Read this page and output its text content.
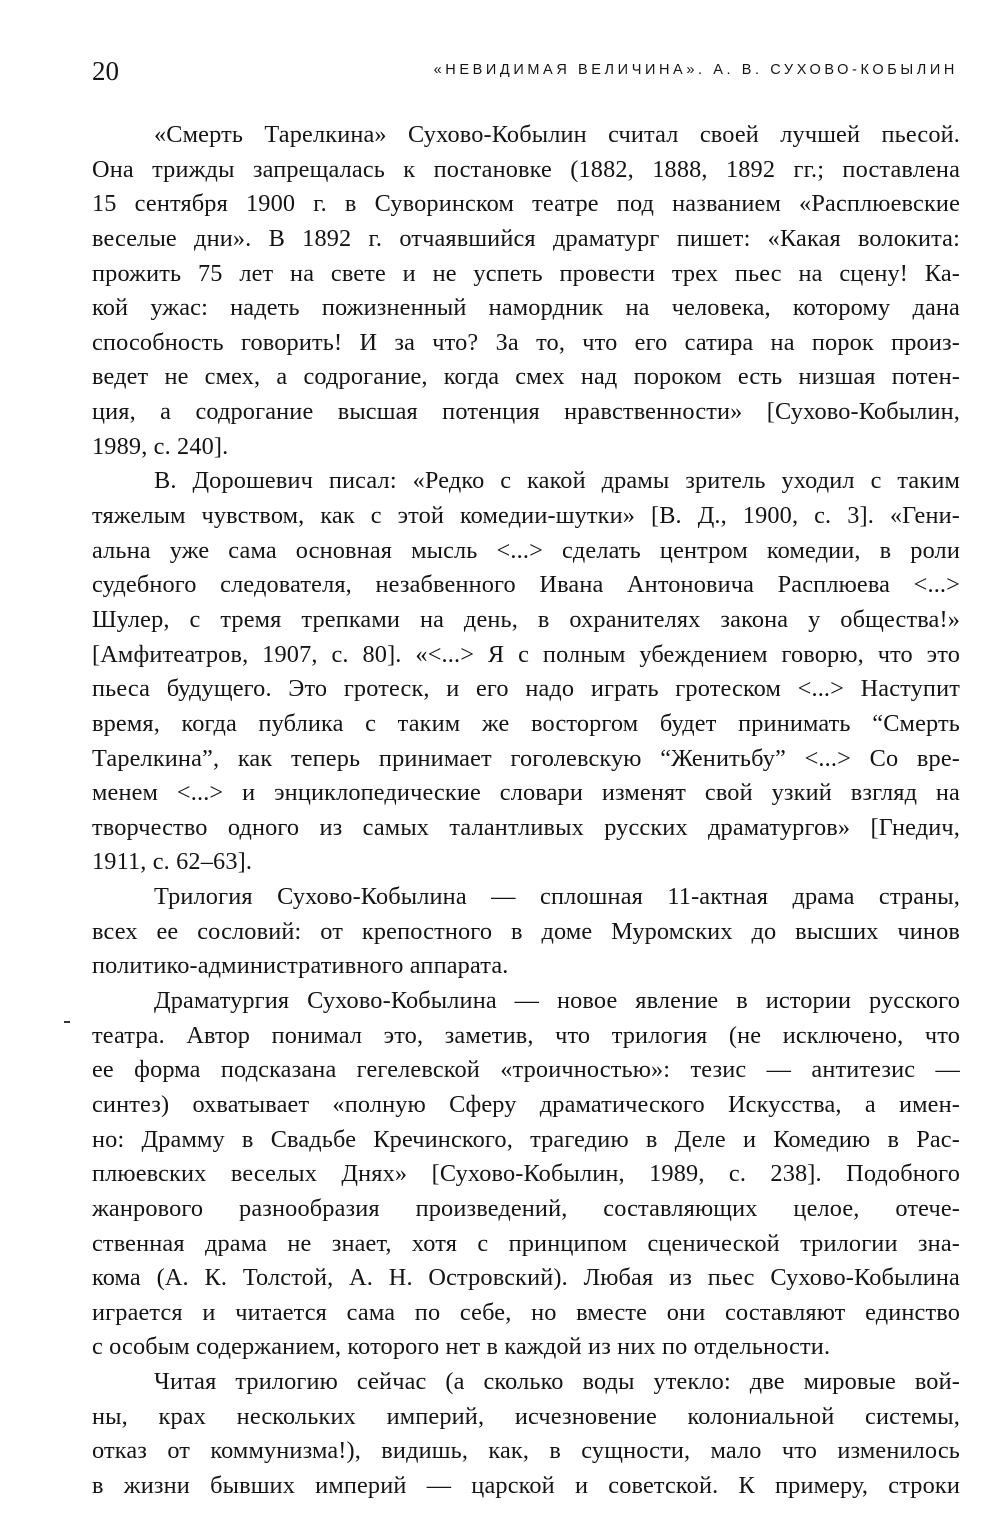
20	«НЕВИДИМАЯ ВЕЛИЧИНА». А. В. СУХОВО-КОБЫЛИН
«Смерть Тарелкина» Сухово-Кобылин считал своей лучшей пьесой.
Она трижды запрещалась к постановке (1882, 1888, 1892 гг.; поставлена
15 сентября 1900 г. в Суворинском театре под названием «Расплюевские
веселые дни». В 1892 г. отчаявшийся драматург пишет: «Какая волокита:
прожить 75 лет на свете и не успеть провести трех пьес на сцену! Ка-
кой ужас: надеть пожизненный намордник на человека, которому дана
способность говорить! И за что? За то, что его сатира на порок произ-
ведет не смех, а содрогание, когда смех над пороком есть низшая потен-
ция, а содрогание высшая потенция нравственности» [Сухово-Кобылин,
1989, с. 240].
В. Дорошевич писал: «Редко с какой драмы зритель уходил с таким
тяжелым чувством, как с этой комедии-шутки» [В. Д., 1900, с. 3]. «Гени-
альна уже сама основная мысль <...> сделать центром комедии, в роли
судебного следователя, незабвенного Ивана Антоновича Расплюева <...>
Шулер, с тремя трепками на день, в охранителях закона у общества!»
[Амфитеатров, 1907, с. 80]. «<...> Я с полным убеждением говорю, что это
пьеса будущего. Это гротеск, и его надо играть гротеском <...> Наступит
время, когда публика с таким же восторгом будет принимать “Смерть
Тарелкина”, как теперь принимает гоголевскую “Женитьбу” <...> Со вре-
менем <...> и энциклопедические словари изменят свой узкий взгляд на
творчество одного из самых талантливых русских драматургов» [Гнедич,
1911, с. 62–63].
Трилогия Сухово-Кобылина — сплошная 11-актная драма страны,
всех ее сословий: от крепостного в доме Муромских до высших чинов
политико-административного аппарата.
Драматургия Сухово-Кобылина — новое явление в истории русского
театра. Автор понимал это, заметив, что трилогия (не исключено, что
ее форма подсказана гегелевской «троичностью»: тезис — антитезис —
синтез) охватывает «полную Сферу драматического Искусства, а имен-
но: Драмму в Свадьбе Кречинского, трагедию в Деле и Комедию в Рас-
плюевских веселых Днях» [Сухово-Кобылин, 1989, с. 238]. Подобного
жанрового разнообразия произведений, составляющих целое, отече-
ственная драма не знает, хотя с принципом сценической трилогии зна-
кома (А. К. Толстой, А. Н. Островский). Любая из пьес Сухово-Кобылина
играется и читается сама по себе, но вместе они составляют единство
с особым содержанием, которого нет в каждой из них по отдельности.
Читая трилогию сейчас (а сколько воды утекло: две мировые вой-
ны, крах нескольких империй, исчезновение колониальной системы,
отказ от коммунизма!), видишь, как, в сущности, мало что изменилось
в жизни бывших империй — царской и советской. К примеру, строки
